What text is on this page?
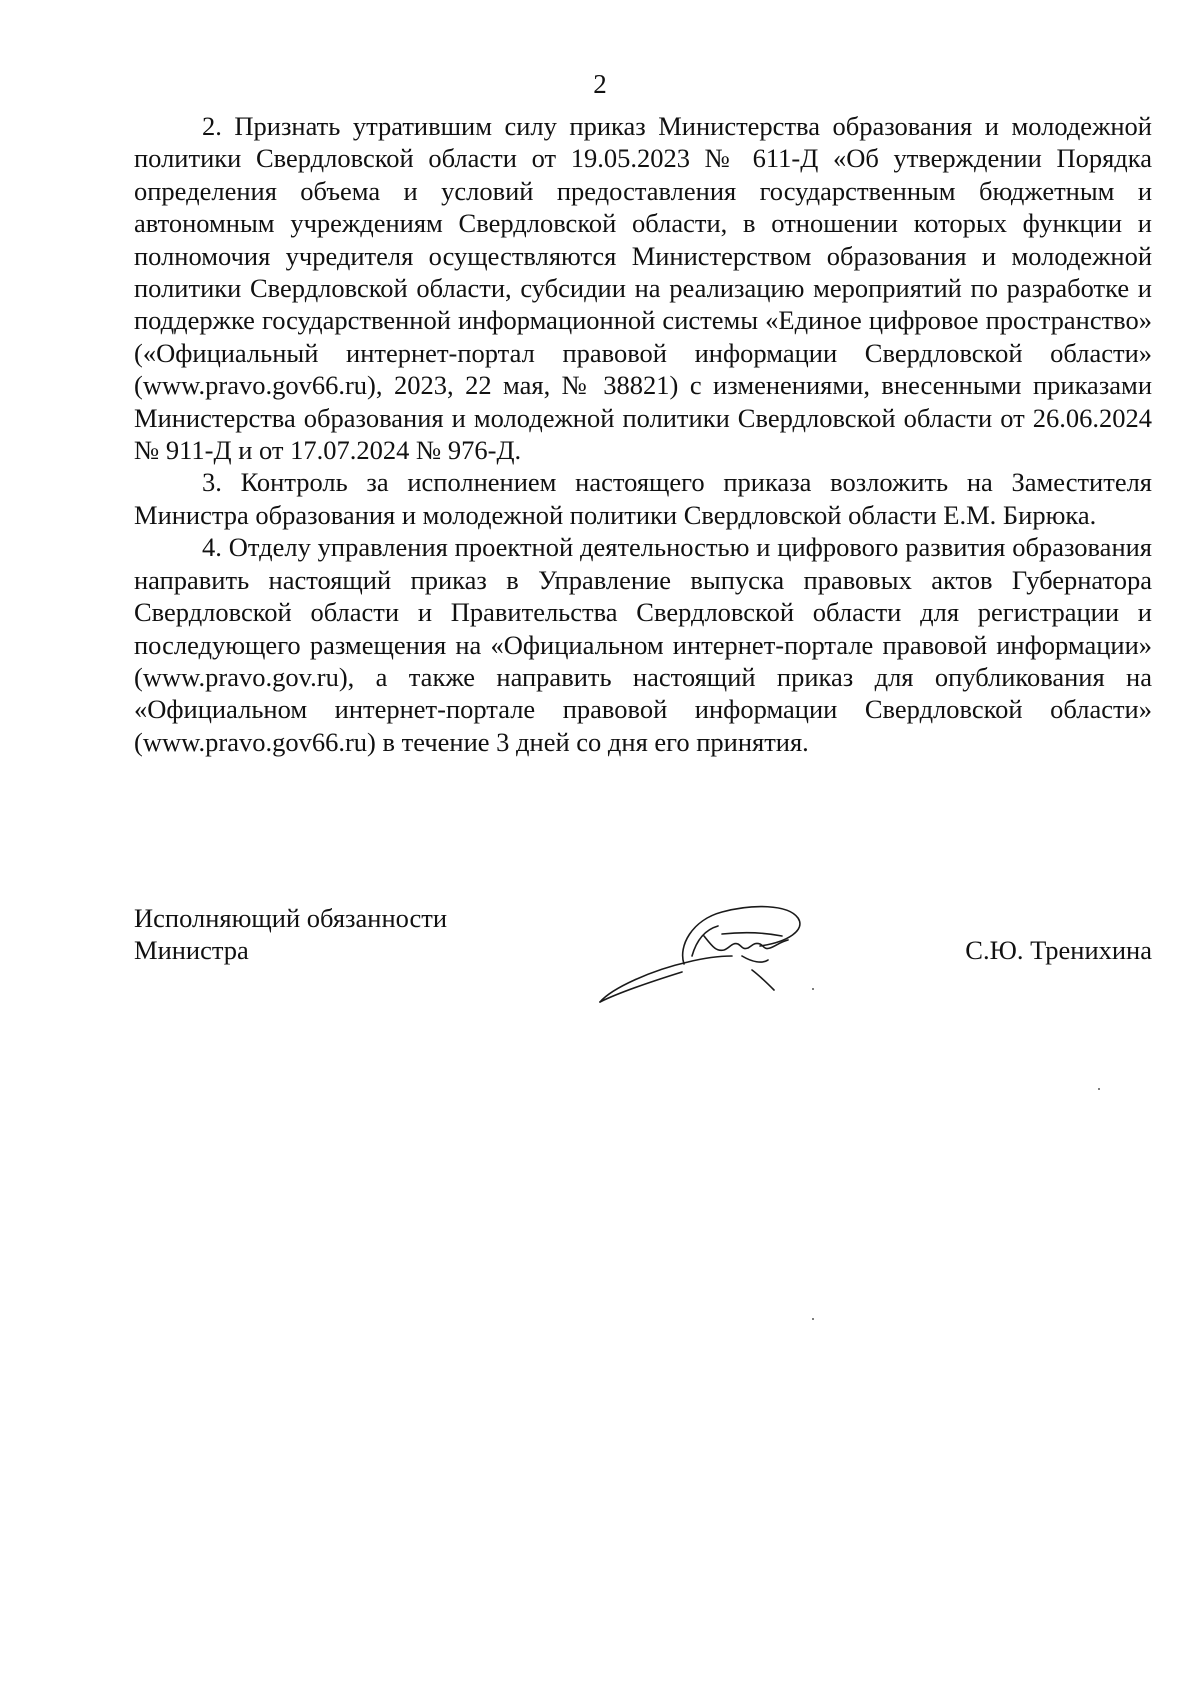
2

2. Признать утратившим силу приказ Министерства образования и молодежной политики Свердловской области от 19.05.2023 № 611-Д «Об утверждении Порядка определения объема и условий предоставления государственным бюджетным и автономным учреждениям Свердловской области, в отношении которых функции и полномочия учредителя осуществляются Министерством образования и молодежной политики Свердловской области, субсидии на реализацию мероприятий по разработке и поддержке государственной информационной системы «Единое цифровое пространство» («Официальный интернет-портал правовой информации Свердловской области» (www.pravo.gov66.ru), 2023, 22 мая, № 38821) с изменениями, внесенными приказами Министерства образования и молодежной политики Свердловской области от 26.06.2024 № 911-Д и от 17.07.2024 № 976-Д.

3. Контроль за исполнением настоящего приказа возложить на Заместителя Министра образования и молодежной политики Свердловской области Е.М. Бирюка.

4. Отделу управления проектной деятельностью и цифрового развития образования направить настоящий приказ в Управление выпуска правовых актов Губернатора Свердловской области и Правительства Свердловской области для регистрации и последующего размещения на «Официальном интернет-портале правовой информации» (www.pravo.gov.ru), а также направить настоящий приказ для опубликования на «Официальном интернет-портале правовой информации Свердловской области» (www.pravo.gov66.ru) в течение 3 дней со дня его принятия.

Исполняющий обязанности
Министра	С.Ю. Тренихина
